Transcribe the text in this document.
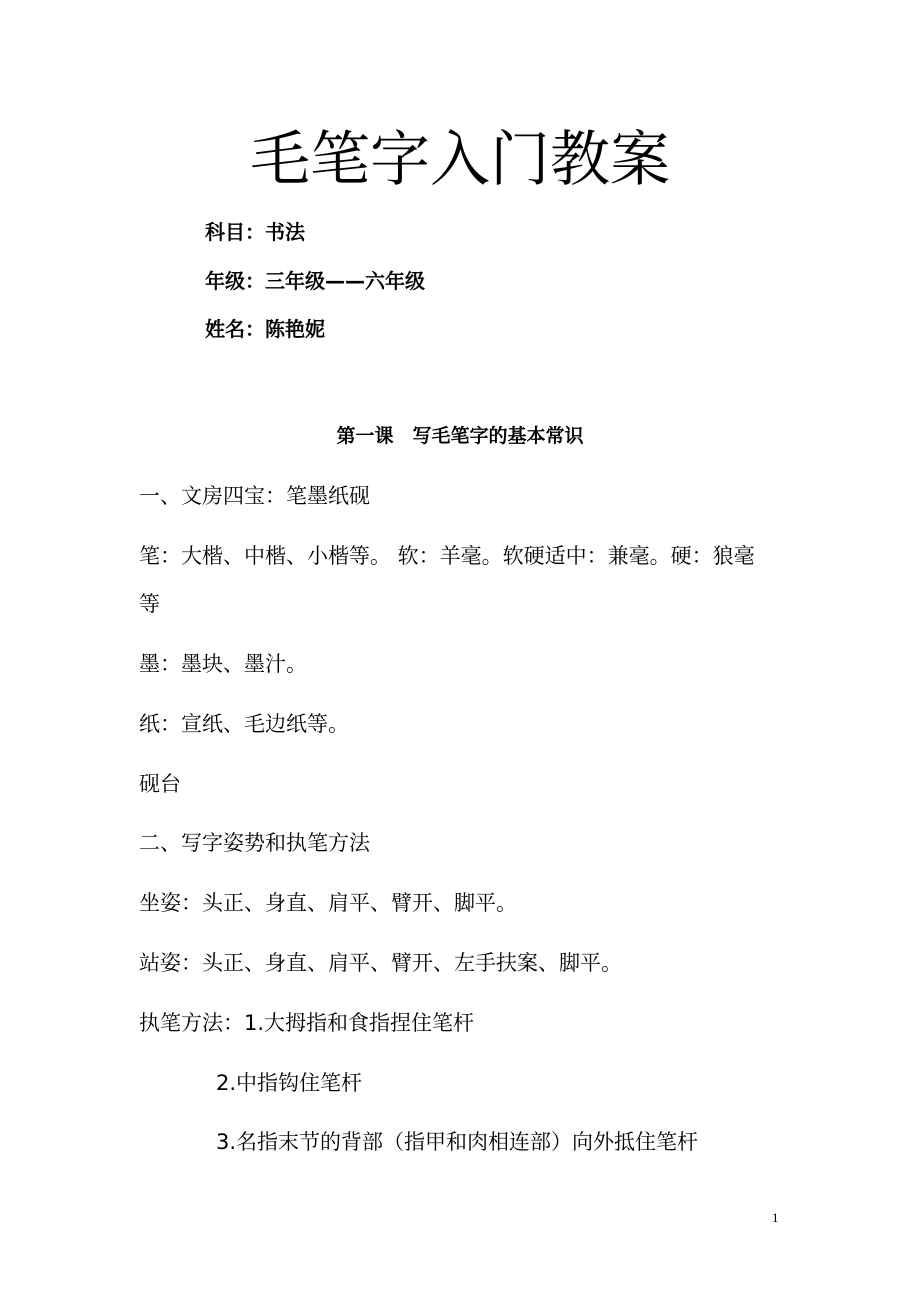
毛笔字入门教案
科目：书法
年级：三年级——六年级
姓名：陈艳妮
第一课　写毛笔字的基本常识
一、文房四宝：笔墨纸砚
笔：大楷、中楷、小楷等。 软：羊毫。软硬适中：兼毫。硬：狼毫
等
墨：墨块、墨汁。
纸：宣纸、毛边纸等。
砚台
二、写字姿势和执笔方法
坐姿：头正、身直、肩平、臂开、脚平。
站姿：头正、身直、肩平、臂开、左手扶案、脚平。
执笔方法：1.大拇指和食指捏住笔杆
2.中指钩住笔杆
3.名指末节的背部（指甲和肉相连部）向外抵住笔杆
1
